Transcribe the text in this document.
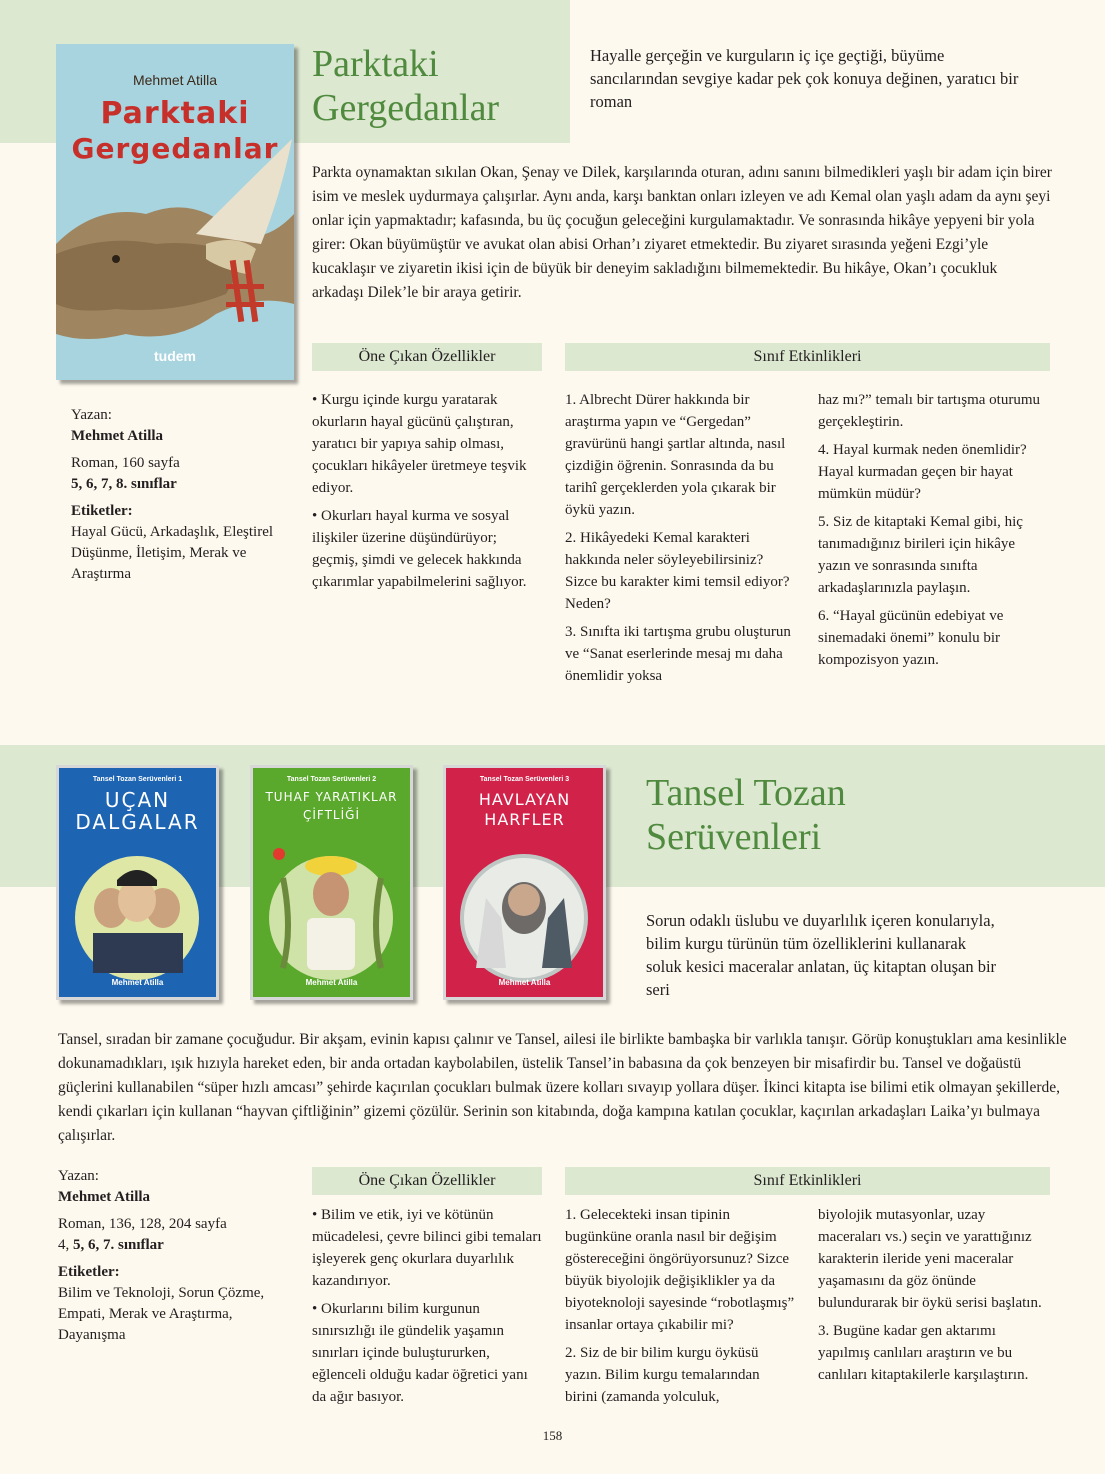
Mehmet Atilla
Parktaki
Gergedanlar
tudem
Parktaki
Gergedanlar
Hayalle gerçeğin ve kurguların iç içe geçtiği, büyüme sancılarından sevgiye kadar pek çok konuya değinen, yaratıcı bir roman
Parkta oynamaktan sıkılan Okan, Şenay ve Dilek, karşılarında oturan, adını sanını bilmedikleri yaşlı bir adam için birer isim ve meslek uydurmaya çalışırlar. Aynı anda, karşı banktan onları izleyen ve adı Kemal olan yaşlı adam da aynı şeyi onlar için yapmaktadır; kafasında, bu üç çocuğun geleceğini kurgulamaktadır. Ve sonrasında hikâye yepyeni bir yola girer: Okan büyümüştür ve avukat olan abisi Orhan’ı ziyaret etmektedir. Bu ziyaret sırasında yeğeni Ezgi’yle kucaklaşır ve ziyaretin ikisi için de büyük bir deneyim sakladığını bilmemektedir. Bu hikâye, Okan’ı çocukluk arkadaşı Dilek’le bir araya getirir.

Yazan:

Mehmet Atilla

Roman, 160 sayfa

5, 6, 7, 8. sınıflar

Etiketler:

Hayal Gücü, Arkadaşlık, Eleştirel Düşünme, İletişim, Merak ve Araştırma

Öne Çıkan Özellikler	Sınıf Etkinlikleri

• Kurgu içinde kurgu yaratarak okurların hayal gücünü çalıştıran, yaratıcı bir yapıya sahip olması, çocukları hikâyeler üretmeye teşvik ediyor.

• Okurları hayal kurma ve sosyal ilişkiler üzerine düşündürüyor; geçmiş, şimdi ve gelecek hakkında çıkarımlar yapabilmelerini sağlıyor.

1. Albrecht Dürer hakkında bir araştırma yapın ve “Gergedan” gravürünü hangi şartlar altında, nasıl çizdiğin öğrenin. Sonrasında da bu tarihî gerçeklerden yola çıkarak bir öykü yazın.

2. Hikâyedeki Kemal karakteri hakkında neler söyleyebilirsiniz? Sizce bu karakter kimi temsil ediyor? Neden?

3. Sınıfta iki tartışma grubu oluşturun ve “Sanat eserlerinde mesaj mı daha önemlidir yoksa

haz mı?” temalı bir tartışma oturumu gerçekleştirin.

4. Hayal kurmak neden önemlidir? Hayal kurmadan geçen bir hayat mümkün müdür?

5. Siz de kitaptaki Kemal gibi, hiç tanımadığınız birileri için hikâye yazın ve sonrasında sınıfta arkadaşlarınızla paylaşın.

6. “Hayal gücünün edebiyat ve sinemadaki önemi” konulu bir kompozisyon yazın.

Tansel Tozan Serüvenleri 1
UÇAN
DALGALAR
Mehmet Atilla
Tansel Tozan Serüvenleri 2
TUHAF YARATIKLAR
ÇİFTLİĞİ
Mehmet Atilla
Tansel Tozan Serüvenleri 3
HAVLAYAN
HARFLER
Mehmet Atilla
Tansel Tozan
Serüvenleri
Sorun odaklı üslubu ve duyarlılık içeren konularıyla, bilim kurgu türünün tüm özelliklerini kullanarak soluk kesici maceralar anlatan, üç kitaptan oluşan bir seri
Tansel, sıradan bir zamane çocuğudur. Bir akşam, evinin kapısı çalınır ve Tansel, ailesi ile birlikte bambaşka bir varlıkla tanışır. Görüp konuştukları ama kesinlikle dokunamadıkları, ışık hızıyla hareket eden, bir anda ortadan kaybolabilen, üstelik Tansel’in babasına da çok benzeyen bir misafirdir bu. Tansel ve doğaüstü güçlerini kullanabilen “süper hızlı amcası” şehirde kaçırılan çocukları bulmak üzere kolları sıvayıp yollara düşer. İkinci kitapta ise bilimi etik olmayan şekillerde, kendi çıkarları için kullanan “hayvan çiftliğinin” gizemi çözülür. Serinin son kitabında, doğa kampına katılan çocuklar, kaçırılan arkadaşları Laika’yı bulmaya çalışırlar.

Yazan:

Mehmet Atilla

Roman, 136, 128, 204 sayfa

4, 5, 6, 7. sınıflar

Etiketler:

Bilim ve Teknoloji, Sorun Çözme, Empati, Merak ve Araştırma, Dayanışma

Öne Çıkan Özellikler	Sınıf Etkinlikleri

• Bilim ve etik, iyi ve kötünün mücadelesi, çevre bilinci gibi temaları işleyerek genç okurlara duyarlılık kazandırıyor.

• Okurlarını bilim kurgunun sınırsızlığı ile gündelik yaşamın sınırları içinde buluştururken, eğlenceli olduğu kadar öğretici yanı da ağır basıyor.

1. Gelecekteki insan tipinin bugünküne oranla nasıl bir değişim göstereceğini öngörüyorsunuz? Sizce büyük biyolojik değişiklikler ya da biyoteknoloji sayesinde “robotlaşmış” insanlar ortaya çıkabilir mi?

2. Siz de bir bilim kurgu öyküsü yazın. Bilim kurgu temalarından birini (zamanda yolculuk,

biyolojik mutasyonlar, uzay maceraları vs.) seçin ve yarattığınız karakterin ileride yeni maceralar yaşamasını da göz önünde bulundurarak bir öykü serisi başlatın.

3. Bugüne kadar gen aktarımı yapılmış canlıları araştırın ve bu canlıları kitaptakilerle karşılaştırın.

158
